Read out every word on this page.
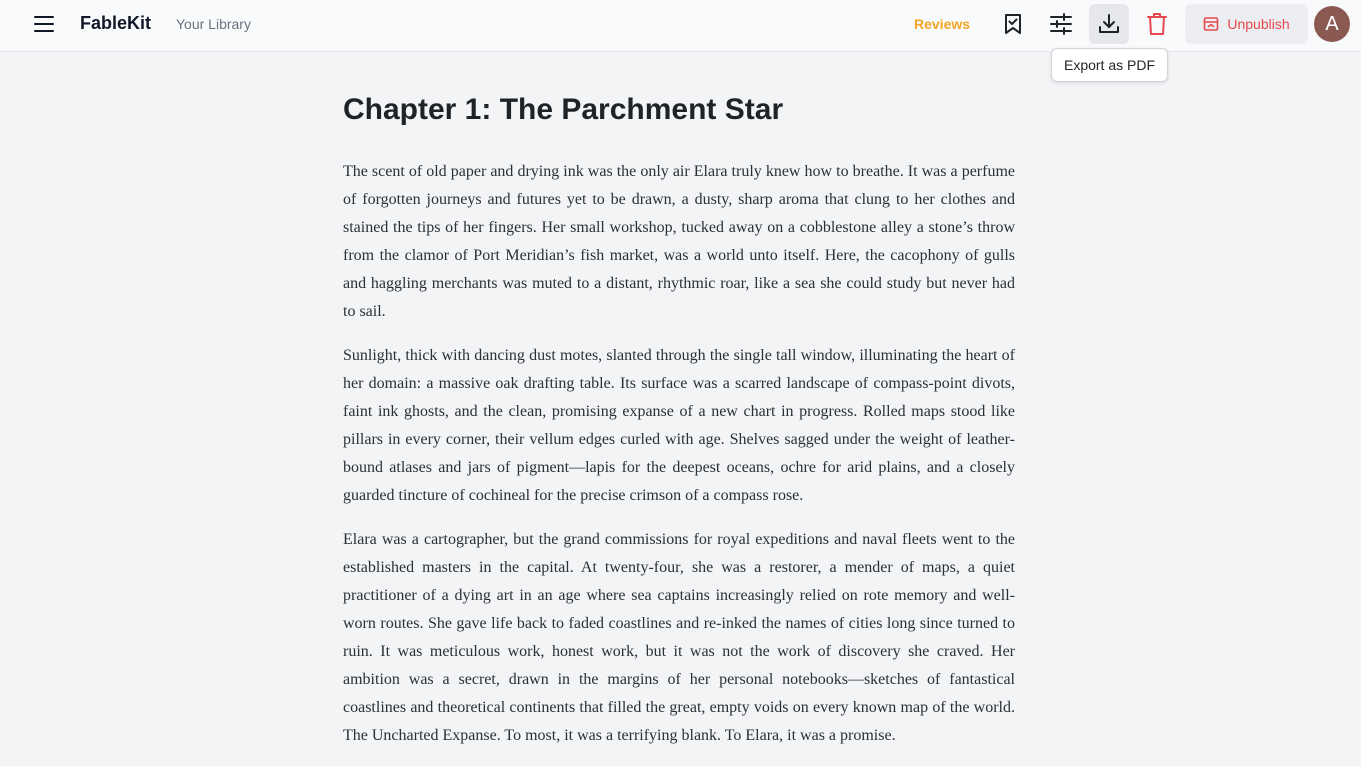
FableKit Your Library	Reviews	Unpublish	A
Export as PDF
Chapter 1: The Parchment Star

The scent of old paper and drying ink was the only air Elara truly knew how to breathe. It was a perfume of forgotten journeys and futures yet to be drawn, a dusty, sharp aroma that clung to her clothes and stained the tips of her fingers. Her small workshop, tucked away on a cobblestone alley a stone’s throw from the clamor of Port Meridian’s fish market, was a world unto itself. Here, the cacophony of gulls and haggling merchants was muted to a distant, rhythmic roar, like a sea she could study but never had to sail.

Sunlight, thick with dancing dust motes, slanted through the single tall window, illuminating the heart of her domain: a massive oak drafting table. Its surface was a scarred landscape of compass-point divots, faint ink ghosts, and the clean, promising expanse of a new chart in progress. Rolled maps stood like pillars in every corner, their vellum edges curled with age. Shelves sagged under the weight of leather-bound atlases and jars of pigment—lapis for the deepest oceans, ochre for arid plains, and a closely guarded tincture of cochineal for the precise crimson of a compass rose.

Elara was a cartographer, but the grand commissions for royal expeditions and naval fleets went to the established masters in the capital. At twenty-four, she was a restorer, a mender of maps, a quiet practitioner of a dying art in an age where sea captains increasingly relied on rote memory and well-worn routes. She gave life back to faded coastlines and re-inked the names of cities long since turned to ruin. It was meticulous work, honest work, but it was not the work of discovery she craved. Her ambition was a secret, drawn in the margins of her personal notebooks—sketches of fantastical coastlines and theoretical continents that filled the great, empty voids on every known map of the world. The Uncharted Expanse. To most, it was a terrifying blank. To Elara, it was a promise.
